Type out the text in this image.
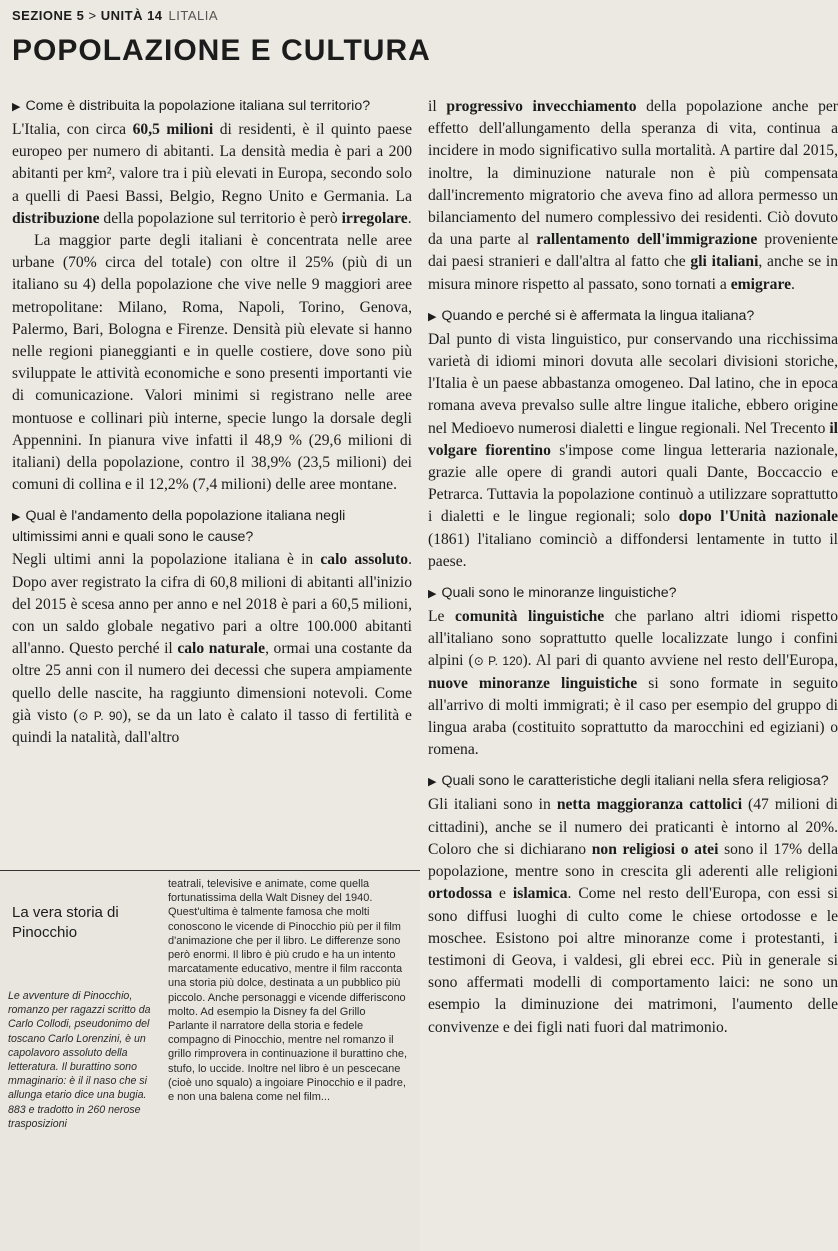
SEZIONE 5 > UNITÀ 14 LITALIA
POPOLAZIONE E CULTURA
▶ Come è distribuita la popolazione italiana sul territorio?

L'Italia, con circa 60,5 milioni di residenti, è il quinto paese europeo per numero di abitanti. La densità media è pari a 200 abitanti per km², valore tra i più elevati in Europa, secondo solo a quelli di Paesi Bassi, Belgio, Regno Unito e Germania. La distribuzione della popolazione sul territorio è però irregolare.

La maggior parte degli italiani è concentrata nelle aree urbane (70% circa del totale) con oltre il 25% (più di un italiano su 4) della popolazione che vive nelle 9 maggiori aree metropolitane: Milano, Roma, Napoli, Torino, Genova, Palermo, Bari, Bologna e Firenze. Densità più elevate si hanno nelle regioni pianeggianti e in quelle costiere, dove sono più sviluppate le attività economiche e sono presenti importanti vie di comunicazione. Valori minimi si registrano nelle aree montuose e collinari più interne, specie lungo la dorsale degli Appennini. In pianura vive infatti il 48,9 % (29,6 milioni di italiani) della popolazione, contro il 38,9% (23,5 milioni) dei comuni di collina e il 12,2% (7,4 milioni) delle aree montane.

▶ Qual è l'andamento della popolazione italiana negli ultimissimi anni e quali sono le cause?

Negli ultimi anni la popolazione italiana è in calo assoluto. Dopo aver registrato la cifra di 60,8 milioni di abitanti all'inizio del 2015 è scesa anno per anno e nel 2018 è pari a 60,5 milioni, con un saldo globale negativo pari a oltre 100.000 abitanti all'anno. Questo perché il calo naturale, ormai una costante da oltre 25 anni con il numero dei decessi che supera ampiamente quello delle nascite, ha raggiunto dimensioni notevoli. Come già visto (⊙ P. 90), se da un lato è calato il tasso di fertilità e quindi la natalità, dall'altro

il progressivo invecchiamento della popolazione anche per effetto dell'allungamento della speranza di vita, continua a incidere in modo significativo sulla mortalità. A partire dal 2015, inoltre, la diminuzione naturale non è più compensata dall'incremento migratorio che aveva fino ad allora permesso un bilanciamento del numero complessivo dei residenti. Ciò dovuto da una parte al rallentamento dell'immigrazione proveniente dai paesi stranieri e dall'altra al fatto che gli italiani, anche se in misura minore rispetto al passato, sono tornati a emigrare.

▶ Quando e perché si è affermata la lingua italiana?

Dal punto di vista linguistico, pur conservando una ricchissima varietà di idiomi minori dovuta alle secolari divisioni storiche, l'Italia è un paese abbastanza omogeneo. Dal latino, che in epoca romana aveva prevalso sulle altre lingue italiche, ebbero origine nel Medioevo numerosi dialetti e lingue regionali. Nel Trecento il volgare fiorentino s'impose come lingua letteraria nazionale, grazie alle opere di grandi autori quali Dante, Boccaccio e Petrarca. Tuttavia la popolazione continuò a utilizzare soprattutto i dialetti e le lingue regionali; solo dopo l'Unità nazionale (1861) l'italiano cominciò a diffondersi lentamente in tutto il paese.

▶ Quali sono le minoranze linguistiche?

Le comunità linguistiche che parlano altri idiomi rispetto all'italiano sono soprattutto quelle localizzate lungo i confini alpini (⊙ P. 120). Al pari di quanto avviene nel resto dell'Europa, nuove minoranze linguistiche si sono formate in seguito all'arrivo di molti immigrati; è il caso per esempio del gruppo di lingua araba (costituito soprattutto da marocchini ed egiziani) o romena.

▶ Quali sono le caratteristiche degli italiani nella sfera religiosa?

Gli italiani sono in netta maggioranza cattolici (47 milioni di cittadini), anche se il numero dei praticanti è intorno al 20%. Coloro che si dichiarano non religiosi o atei sono il 17% della popolazione, mentre sono in crescita gli aderenti alle religioni ortodossa e islamica. Come nel resto dell'Europa, con essi si sono diffusi luoghi di culto come le chiese ortodosse e le moschee. Esistono poi altre minoranze come i protestanti, i testimoni di Geova, i valdesi, gli ebrei ecc. Più in generale si sono affermati modelli di comportamento laici: ne sono un esempio la diminuzione dei matrimoni, l'aumento delle convivenze e dei figli nati fuori dal matrimonio.

La vera storia di Pinocchio
Le avventure di Pinocchio, romanzo per ragazzi scritto da Carlo Collodi, pseudonimo del toscano Carlo Lorenzini, è un capolavoro assoluto della letteratura. Il burattino sono mmaginario: è il il naso che si allunga etario dice una bugia. 883 e tradotto in 260 nerose trasposizioni

teatrali, televisive e animate, come quella fortunatissima della Walt Disney del 1940. Quest'ultima è talmente famosa che molti conoscono le vicende di Pinocchio più per il film d'animazione che per il libro. Le differenze sono però enormi. Il libro è più crudo e ha un intento marcatamente educativo, mentre il film racconta una storia più dolce, destinata a un pubblico più piccolo. Anche personaggi e vicende differiscono molto. Ad esempio la Disney fa del Grillo Parlante il narratore della storia e fedele compagno di Pinocchio, mentre nel romanzo il grillo rimprovera in continuazione il burattino che, stufo, lo uccide. Inoltre nel libro è un pescecane (cioè uno squalo) a ingoiare Pinocchio e il padre, e non una balena come nel film...
